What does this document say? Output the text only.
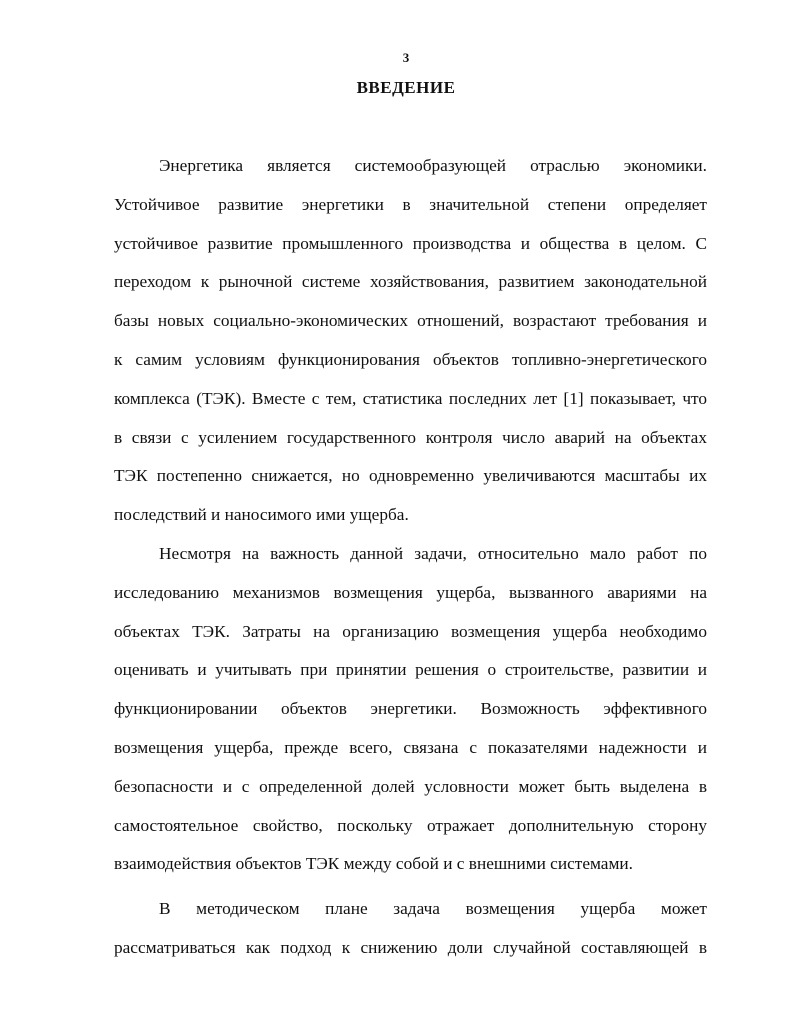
3
ВВЕДЕНИЕ
Энергетика является системообразующей отраслью экономики.
Устойчивое развитие энергетики в значительной степени определяет
устойчивое развитие промышленного производства и общества в целом. С
переходом к рыночной системе хозяйствования, развитием законодательной
базы новых социально-экономических отношений, возрастают требования и
к самим условиям функционирования объектов топливно-энергетического
комплекса (ТЭК). Вместе с тем, статистика последних лет [1] показывает, что
в связи с усилением государственного контроля число аварий на объектах
ТЭК постепенно снижается, но одновременно увеличиваются масштабы их
последствий и наносимого ими ущерба.
Несмотря на важность данной задачи, относительно мало работ по
исследованию механизмов возмещения ущерба, вызванного авариями на
объектах ТЭК. Затраты на организацию возмещения ущерба необходимо
оценивать и учитывать при принятии решения о строительстве, развитии и
функционировании объектов энергетики. Возможность эффективного
возмещения ущерба, прежде всего, связана с показателями надежности и
безопасности и с определенной долей условности может быть выделена в
самостоятельное свойство, поскольку отражает дополнительную сторону
взаимодействия объектов ТЭК между собой и с внешними системами.
В методическом плане задача возмещения ущерба может
рассматриваться как подход к снижению доли случайной составляющей в
